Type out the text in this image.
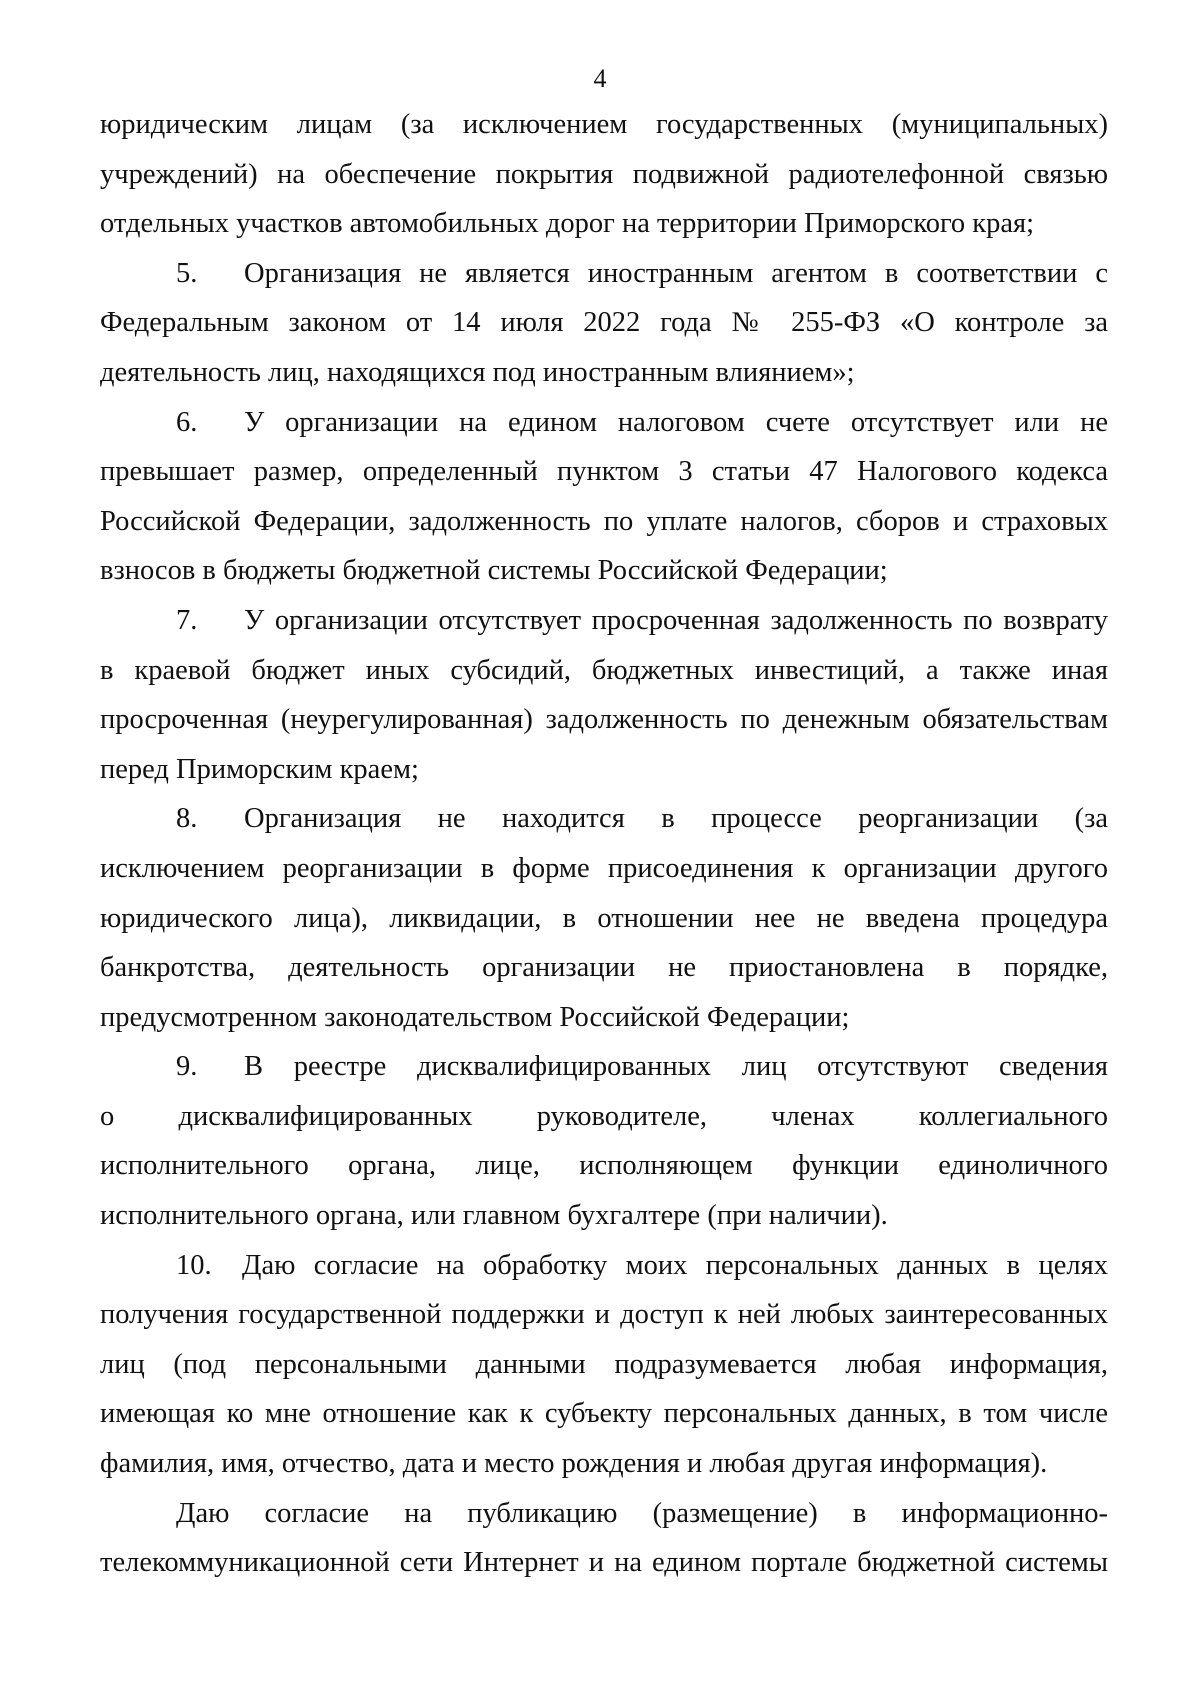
4

юридическим лицам (за исключением государственных (муниципальных)
учреждений) на обеспечение покрытия подвижной радиотелефонной связью
отдельных участков автомобильных дорог на территории Приморского края;

5. Организация не является иностранным агентом в соответствии с
Федеральным законом от 14 июля 2022 года № 255-ФЗ «О контроле за
деятельность лиц, находящихся под иностранным влиянием»;

6. У организации на едином налоговом счете отсутствует или не
превышает размер, определенный пунктом 3 статьи 47 Налогового кодекса
Российской Федерации, задолженность по уплате налогов, сборов и страховых
взносов в бюджеты бюджетной системы Российской Федерации;

7. У организации отсутствует просроченная задолженность по возврату
в краевой бюджет иных субсидий, бюджетных инвестиций, а также иная
просроченная (неурегулированная) задолженность по денежным обязательствам
перед Приморским краем;

8. Организация не находится в процессе реорганизации (за
исключением реорганизации в форме присоединения к организации другого
юридического лица), ликвидации, в отношении нее не введена процедура
банкротства, деятельность организации не приостановлена в порядке,
предусмотренном законодательством Российской Федерации;

9. В реестре дисквалифицированных лиц отсутствуют сведения
о дисквалифицированных руководителе, членах коллегиального
исполнительного органа, лице, исполняющем функции единоличного
исполнительного органа, или главном бухгалтере (при наличии).

10. Даю согласие на обработку моих персональных данных в целях
получения государственной поддержки и доступ к ней любых заинтересованных
лиц (под персональными данными подразумевается любая информация,
имеющая ко мне отношение как к субъекту персональных данных, в том числе
фамилия, имя, отчество, дата и место рождения и любая другая информация).

Даю согласие на публикацию (размещение) в информационно-
телекоммуникационной сети Интернет и на едином портале бюджетной системы
